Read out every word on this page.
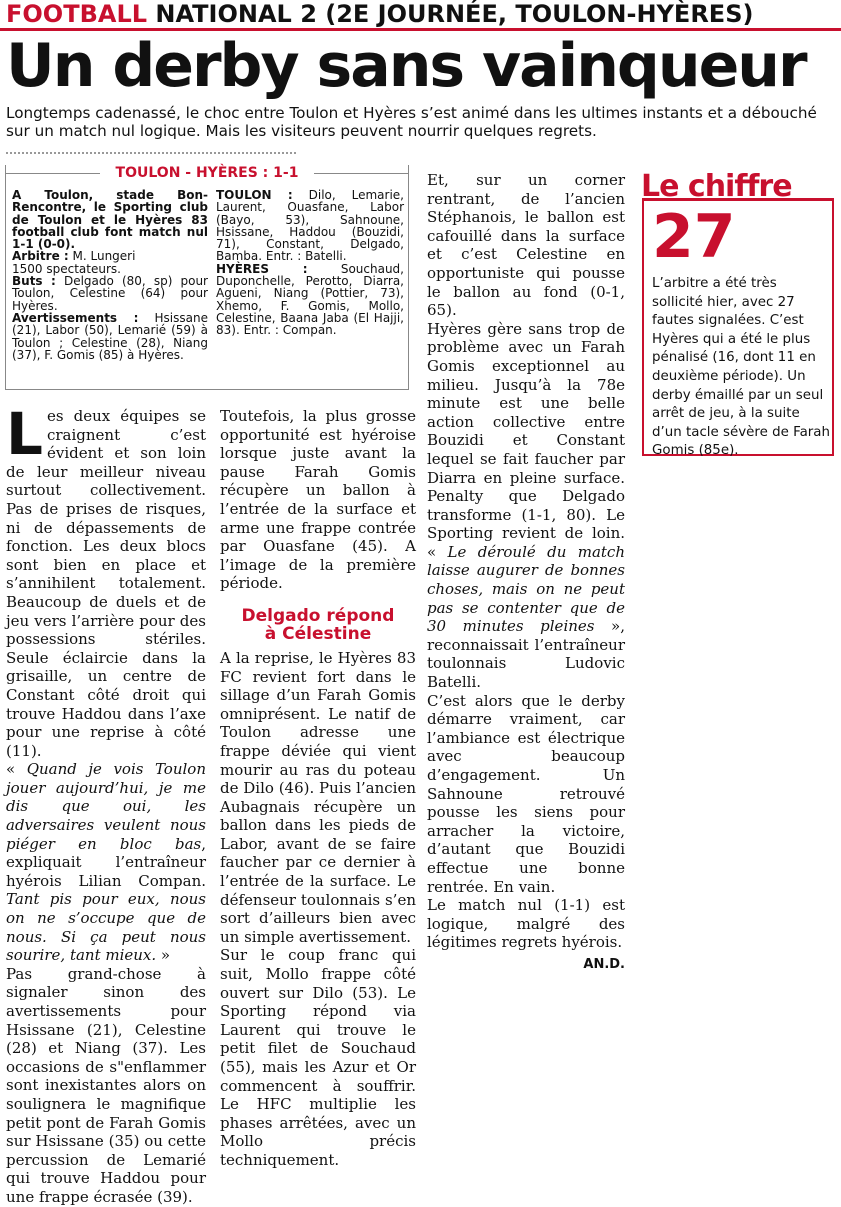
FOOTBALL NATIONAL 2 (2E JOURNÉE, TOULON-HYÈRES)
Un derby sans vainqueur
Longtemps cadenassé, le choc entre Toulon et Hyères s’est animé dans les ultimes instants et a débouché sur un match nul logique. Mais les visiteurs peuvent nourrir quelques regrets.
TOULON - HYÈRES : 1-1

A Toulon, stade Bon-Rencontre, le Sporting club de Toulon et le Hyères 83 football club font match nul 1-1 (0-0).

Arbitre : M. Lungeri

1500 spectateurs.

Buts : Delgado (80, sp) pour Toulon, Celestine (64) pour Hyères.

Avertissements : Hsissane (21), Labor (50), Lemarié (59) à Toulon ; Celestine (28), Niang (37), F. Gomis (85) à Hyères.

TOULON : Dilo, Lemarie, Laurent, Ouasfane, Labor (Bayo, 53), Sahnoune, Hsissane, Haddou (Bouzidi, 71), Constant, Delgado, Bamba. Entr. : Batelli.

HYÈRES : Souchaud, Duponchelle, Perotto, Diarra, Agueni, Niang (Pottier, 73), Xhemo, F. Gomis, Mollo, Celestine, Baana Jaba (El Hajji, 83). Entr. : Compan.

Les deux équipes se craignent c’est évident et son loin de leur meilleur niveau surtout collectivement. Pas de prises de risques, ni de dépassements de fonction. Les deux blocs sont bien en place et s’annihilent totalement. Beaucoup de duels et de jeu vers l’arrière pour des possessions stériles. Seule éclaircie dans la grisaille, un centre de Constant côté droit qui trouve Haddou dans l’axe pour une reprise à côté (11).

« Quand je vois Toulon jouer aujourd’hui, je me dis que oui, les adversaires veulent nous piéger en bloc bas, expliquait l’entraîneur hyérois Lilian Compan. Tant pis pour eux, nous on ne s’occupe que de nous. Si ça peut nous sourire, tant mieux. »

Pas grand-chose à signaler sinon des avertissements pour Hsissane (21), Celestine (28) et Niang (37). Les occasions de s"enflammer sont inexistantes alors on soulignera le magnifique petit pont de Farah Gomis sur Hsissane (35) ou cette percussion de Lemarié qui trouve Haddou pour une frappe écrasée (39).

Toutefois, la plus grosse opportunité est hyéroise lorsque juste avant la pause Farah Gomis récupère un ballon à l’entrée de la surface et arme une frappe contrée par Ouasfane (45). A l’image de la première période.

Delgado répond
à Célestine

A la reprise, le Hyères 83 FC revient fort dans le sillage d’un Farah Gomis omniprésent. Le natif de Toulon adresse une frappe déviée qui vient mourir au ras du poteau de Dilo (46). Puis l’ancien Aubagnais récupère un ballon dans les pieds de Labor, avant de se faire faucher par ce dernier à l’entrée de la surface. Le défenseur toulonnais s’en sort d’ailleurs bien avec un simple avertissement.

Sur le coup franc qui suit, Mollo frappe côté ouvert sur Dilo (53). Le Sporting répond via Laurent qui trouve le petit filet de Souchaud (55), mais les Azur et Or commencent à souffrir. Le HFC multiplie les phases arrêtées, avec un Mollo précis techniquement.

Et, sur un corner rentrant, de l’ancien Stéphanois, le ballon est cafouillé dans la surface et c’est Celestine en opportuniste qui pousse le ballon au fond (0-1, 65).

Hyères gère sans trop de problème avec un Farah Gomis exceptionnel au milieu. Jusqu’à la 78e minute est une belle action collective entre Bouzidi et Constant lequel se fait faucher par Diarra en pleine surface. Penalty que Delgado transforme (1-1, 80). Le Sporting revient de loin. « Le déroulé du match laisse augurer de bonnes choses, mais on ne peut pas se contenter que de 30 minutes pleines », reconnaissait l’entraîneur toulonnais Ludovic Batelli.

C’est alors que le derby démarre vraiment, car l’ambiance est électrique avec beaucoup d’engagement. Un Sahnoune retrouvé pousse les siens pour arracher la victoire, d’autant que Bouzidi effectue une bonne rentrée. En vain.

Le match nul (1-1) est logique, malgré des légitimes regrets hyérois.

AN.D.
Le chiffre
27
L’arbitre a été très sollicité hier, avec 27 fautes signalées. C’est Hyères qui a été le plus pénalisé (16, dont 11 en deuxième période). Un derby émaillé par un seul arrêt de jeu, à la suite d’un tacle sévère de Farah Gomis (85e).
